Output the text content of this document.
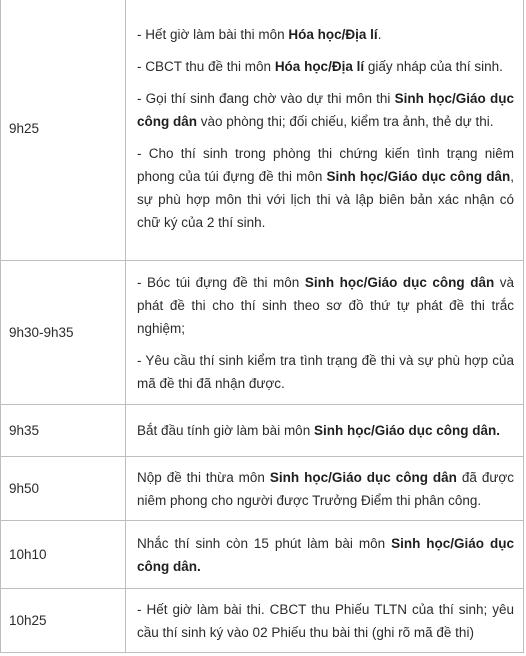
9h25	- Hết giờ làm bài thi môn Hóa học/Địa lí.

- CBCT thu đề thi môn Hóa học/Địa lí giấy nháp của thí sinh.

- Gọi thí sinh đang chờ vào dự thi môn thi Sinh học/Giáo dục công dân vào phòng thi; đối chiếu, kiểm tra ảnh, thẻ dự thi.

- Cho thí sinh trong phòng thi chứng kiến tình trạng niêm phong của túi đựng đề thi môn Sinh học/Giáo dục công dân, sự phù hợp môn thi với lịch thi và lập biên bản xác nhận có chữ ký của 2 thí sinh.

9h30-9h35	- Bóc túi đựng đề thi môn Sinh học/Giáo dục công dân và phát đề thi cho thí sinh theo sơ đồ thứ tự phát đề thi trắc nghiệm;

- Yêu cầu thí sinh kiểm tra tình trạng đề thi và sự phù hợp của mã đề thi đã nhận được.

9h35	Bắt đầu tính giờ làm bài môn Sinh học/Giáo dục công dân.

9h50	Nộp đề thi thừa môn Sinh học/Giáo dục công dân đã được niêm phong cho người được Trưởng Điểm thi phân công.

10h10	Nhắc thí sinh còn 15 phút làm bài môn Sinh học/Giáo dục công dân.

10h25	- Hết giờ làm bài thi. CBCT thu Phiếu TLTN của thí sinh; yêu cầu thí sinh ký vào 02 Phiếu thu bài thi (ghi rõ mã đề thi)
